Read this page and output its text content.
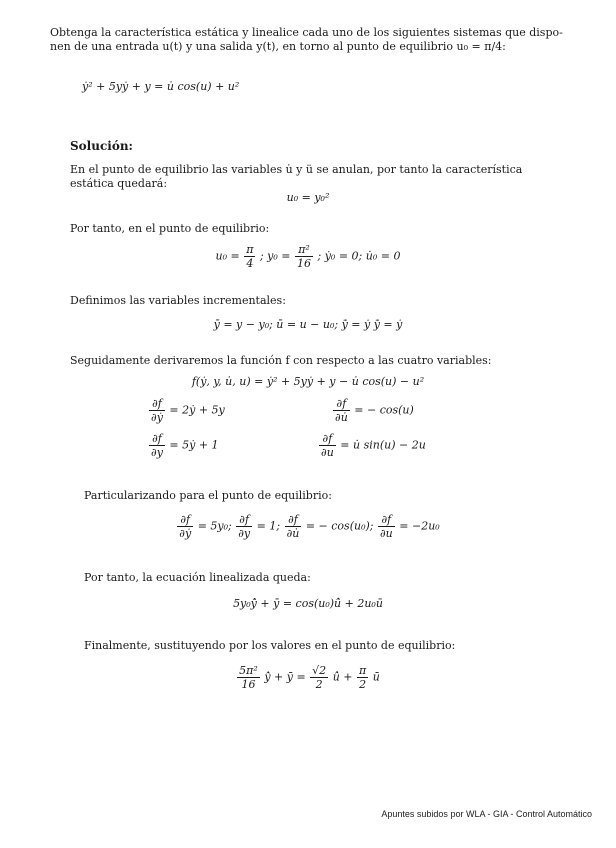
Obtenga la característica estática y linealice cada uno de los siguientes sistemas que dispo-
nen de una entrada u(t) y una salida y(t), en torno al punto de equilibrio u₀ = π/4:
ẏ² + 5yẏ + y = u̇ cos(u) + u²
Solución:
En el punto de equilibrio las variables u̇ y ü se anulan, por tanto la característica
estática quedará:
u₀ = y₀²
Por tanto, en el punto de equilibrio:
$u_0 = \frac{\pi}{4}$ ; $y_0 = \frac{\text{π²}}{16}$ ; ẏ₀ = 0; u̇₀ = 0
Definimos las variables incrementales:
ȳ = y − y₀; ū = u − u₀; ẏ̄ = ẏ ẏ̄ = ẏ
Seguidamente derivaremos la función f con respecto a las cuatro variables:
f(ẏ, y, u̇, u) = ẏ² + 5yẏ + y − u̇ cos(u) − u²
$\frac{\partial f}{\text{∂ẏ}}$ = 2ẏ + 5y	$\frac{\partial f}{\partial u̇}$ = − cos(u)
$\frac{\partial f}{\partial y}$ = 5ẏ + 1	$\frac{\partial f}{\partial u}$ = u̇ sin(u) − 2u
Particularizando para el punto de equilibrio:
$\frac{\partial f}{\text{∂ẏ}} = 5y_0$; $\frac{\partial f}{\partial y} = 1$; $\frac{\partial f}{\partial u̇}$ = − cos(u₀); $\frac{\partial f}{\partial u} = -2u_0$
Por tanto, la ecuación linealizada queda:
5y₀ẏ̂ + ȳ = cos(u₀)û̇ + 2u₀ū
Finalmente, sustituyendo por los valores en el punto de equilibrio:
$\frac{\text{5π²}}{16}$ ẏ̂ + ȳ = $\frac{√2}{2}$ û̇ + $\frac{\pi}{2}$ ū
Apuntes subidos por WLA - GIA - Control Automático
